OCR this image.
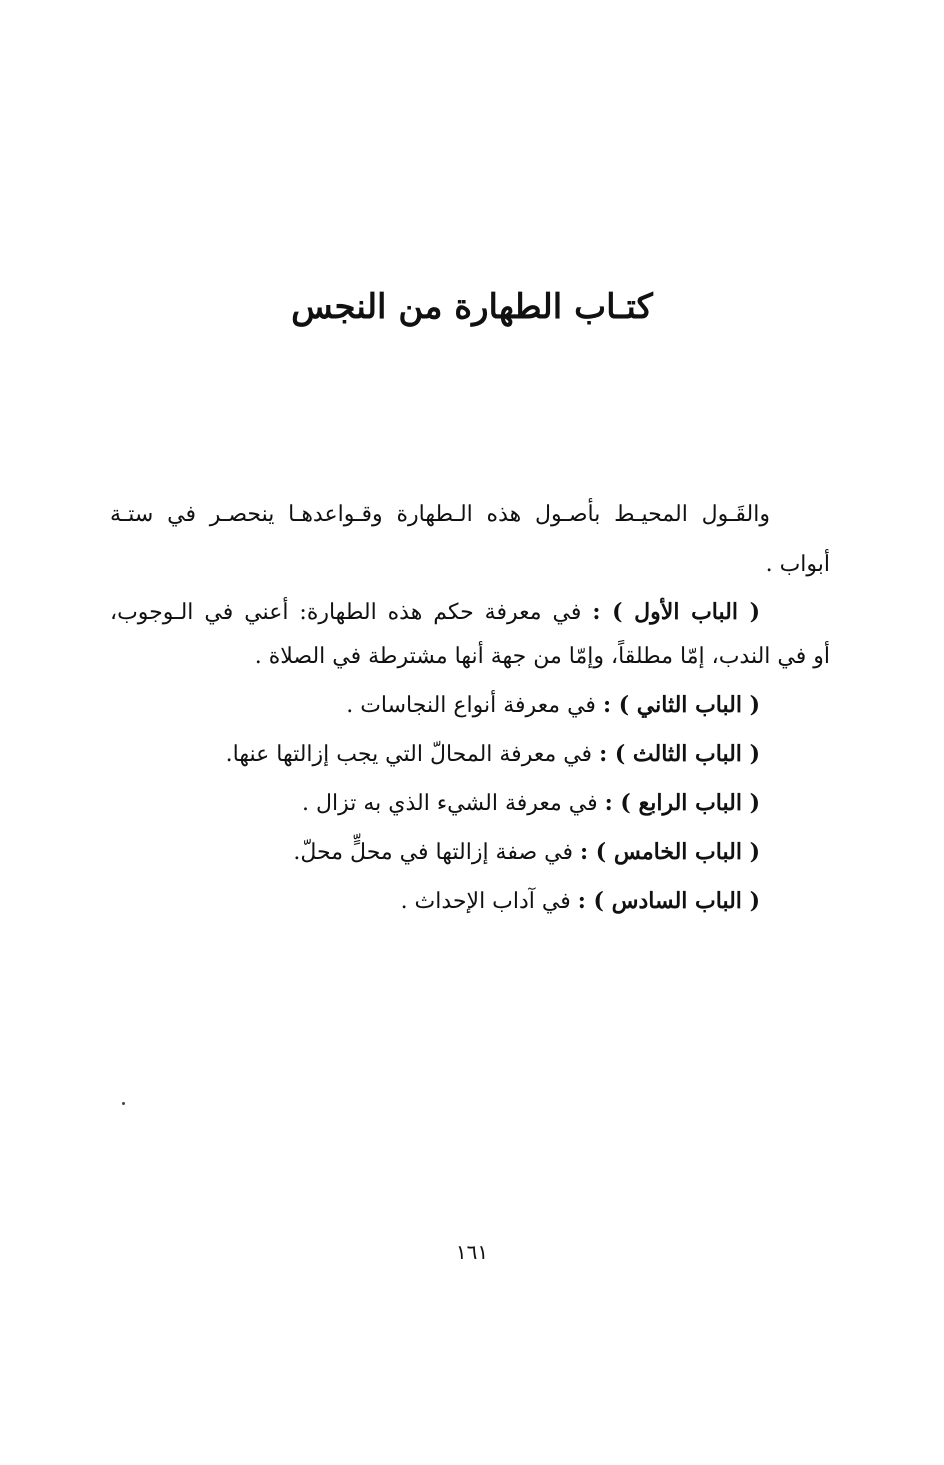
كتـاب الطهارة من النجس
والقَـول المحيـط بأصـول هذه الـطهارة وقـواعدهـا ينحصـر في ستـة
أبواب .
( الباب الأول ) : في معرفة حكم هذه الطهارة: أعني في الـوجوب،
أو في الندب، إمّا مطلقاً، وإمّا من جهة أنها مشترطة في الصلاة .
( الباب الثاني ) : في معرفة أنواع النجاسات .
( الباب الثالث ) : في معرفة المحالّ التي يجب إزالتها عنها.
( الباب الرابع ) : في معرفة الشيء الذي به تزال .
( الباب الخامس ) : في صفة إزالتها في محلٍّ محلّ.
( الباب السادس ) : في آداب الإحداث .
١٦١
